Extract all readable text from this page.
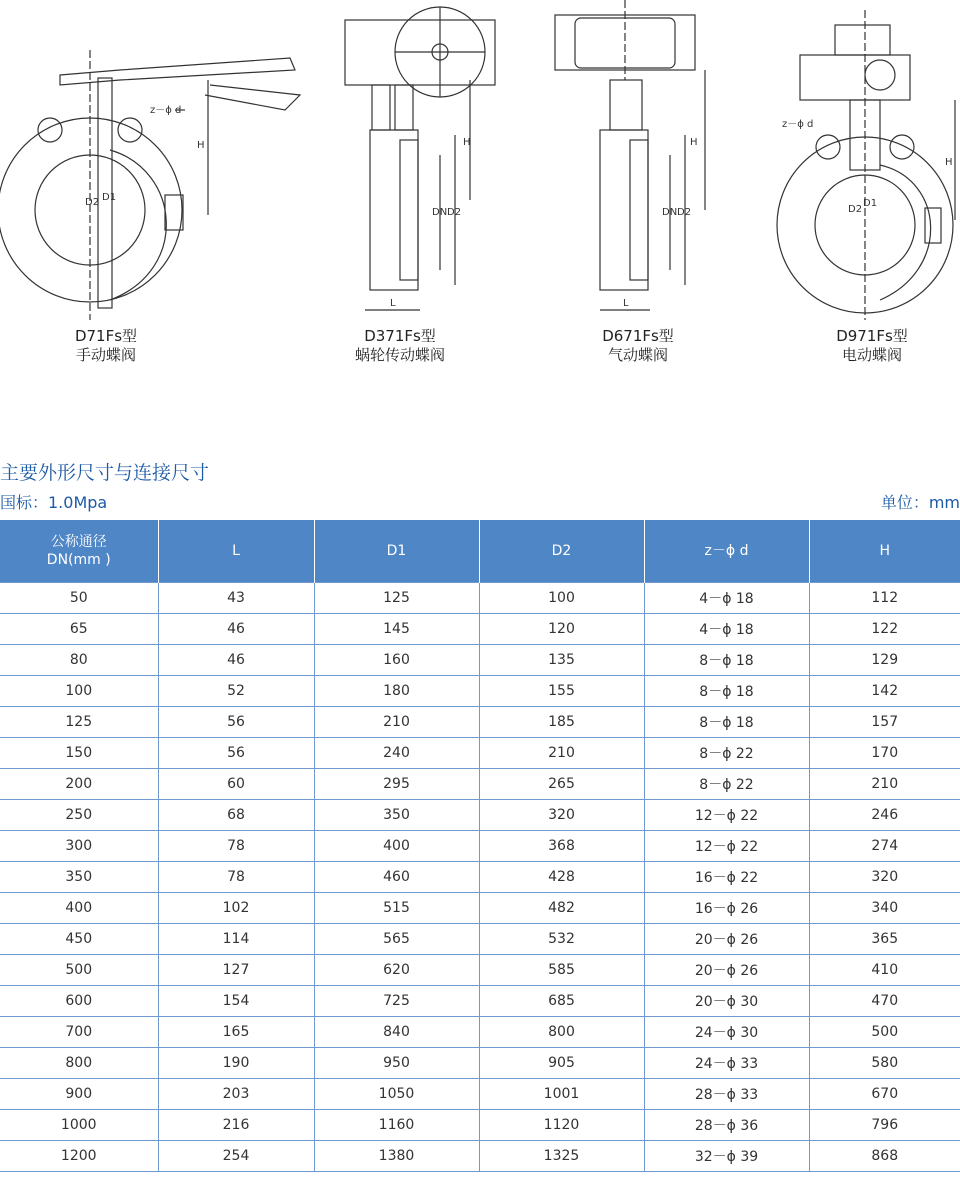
z－ϕ d
H
D2 D1
H
DN D2
L
H
DN D2
L
z－ϕ d
H
D2
D1
D71Fs型
手动蝶阀
D371Fs型
蜗轮传动蝶阀
D671Fs型
气动蝶阀
D971Fs型
电动蝶阀
主要外形尺寸与连接尺寸
国标：1.0Mpa	单位：mm
公称通径
DN(mm )	L	D1	D2	z－ϕ d	H
50	43	125	100	4－ϕ 18	112
65	46	145	120	4－ϕ 18	122
80	46	160	135	8－ϕ 18	129
100	52	180	155	8－ϕ 18	142
125	56	210	185	8－ϕ 18	157
150	56	240	210	8－ϕ 22	170
200	60	295	265	8－ϕ 22	210
250	68	350	320	12－ϕ 22	246
300	78	400	368	12－ϕ 22	274
350	78	460	428	16－ϕ 22	320
400	102	515	482	16－ϕ 26	340
450	114	565	532	20－ϕ 26	365
500	127	620	585	20－ϕ 26	410
600	154	725	685	20－ϕ 30	470
700	165	840	800	24－ϕ 30	500
800	190	950	905	24－ϕ 33	580
900	203	1050	1001	28－ϕ 33	670
1000	216	1160	1120	28－ϕ 36	796
1200	254	1380	1325	32－ϕ 39	868
